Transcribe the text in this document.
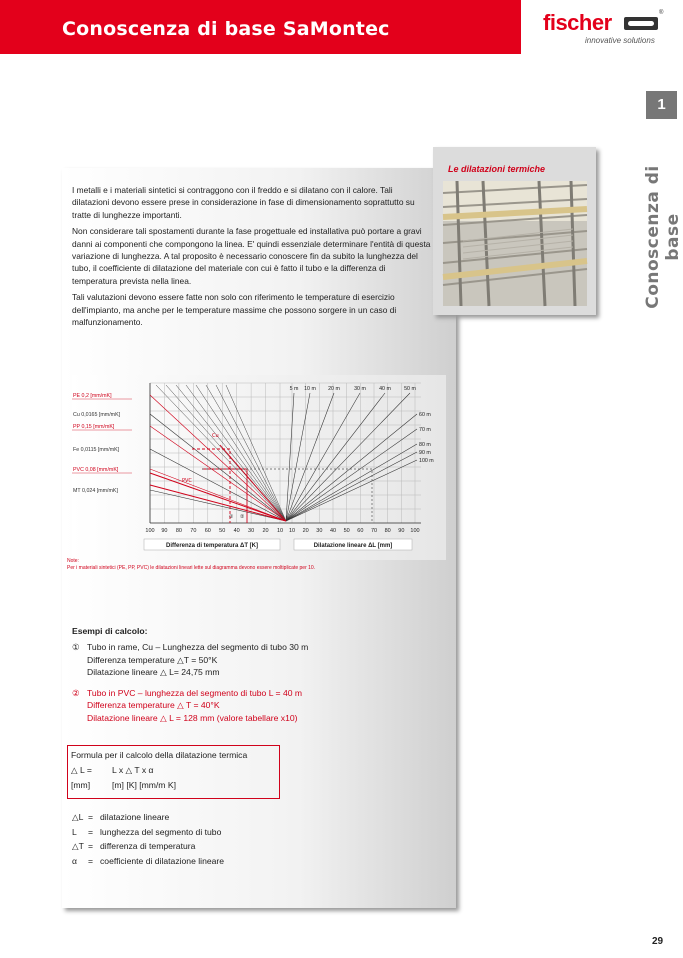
Conoscenza di base SaMontec	fischer	®
innovative solutions
1
Conoscenza di base

I metalli e i materiali sintetici si contraggono con il freddo e si dilatano con il calore. Tali dilatazioni devono essere prese in considerazione in fase di dimensionamento soprattutto su tratte di lunghezze importanti.

Non considerare tali spostamenti durante la fase progettuale ed installativa può portare a gravi danni ai componenti che compongono la linea. E' quindi essenziale determinare l'entità di questa variazione di lunghezza. A tal proposito è necessario conoscere fin da subito la lunghezza del tubo, il coefficiente di dilatazione del materiale con cui è fatto il tubo e la differenza di temperatura prevista nella linea.

Tali valutazioni devono essere fatte non solo con riferimento le temperature di esercizio dell'impianto, ma anche per le temperature massime che possono sorgere in un caso di malfunzionamento.

Le dilatazioni termiche
100 90 80 70 60 50 40 30 20 10 10 20 30 40 50 60 70 80 90 100
Differenza di temperatura ΔT [K]	Dilatazione lineare ΔL [mm]
PE 0,2 [mm/mK]
Cu 0,0165 [mm/mK]
PP 0,15 [mm/mK]
Fe 0,0115 [mm/mK]
PVC 0,08 [mm/mK]
MT 0,024 [mm/mK]
5 m 10 m 20 m	30 m 40 m 50 m
60 m
70 m
80 m
90 m
100 m
① ②
Cu
PVC
Note:
Per i materiali sintetici (PE, PP, PVC) le dilatazioni lineari lette sul diagramma devono essere moltiplicate per 10.
Esempi di calcolo:
① Tubo in rame, Cu – Lunghezza del segmento di tubo 30 m
Differenza temperature △T = 50°K
Dilatazione lineare △ L= 24,75 mm
② Tubo in PVC – lunghezza del segmento di tubo L = 40 m
Differenza temperature △ T = 40°K
Dilatazione lineare △ L = 128 mm (valore tabellare x10)
Formula per il calcolo della dilatazione termica
△ L = L x △ T x α
[mm]	[m] [K] [mm/m K]
△L = dilatazione lineare
L = lunghezza del segmento di tubo
△T = differenza di temperatura
α = coefficiente di dilatazione lineare
29
